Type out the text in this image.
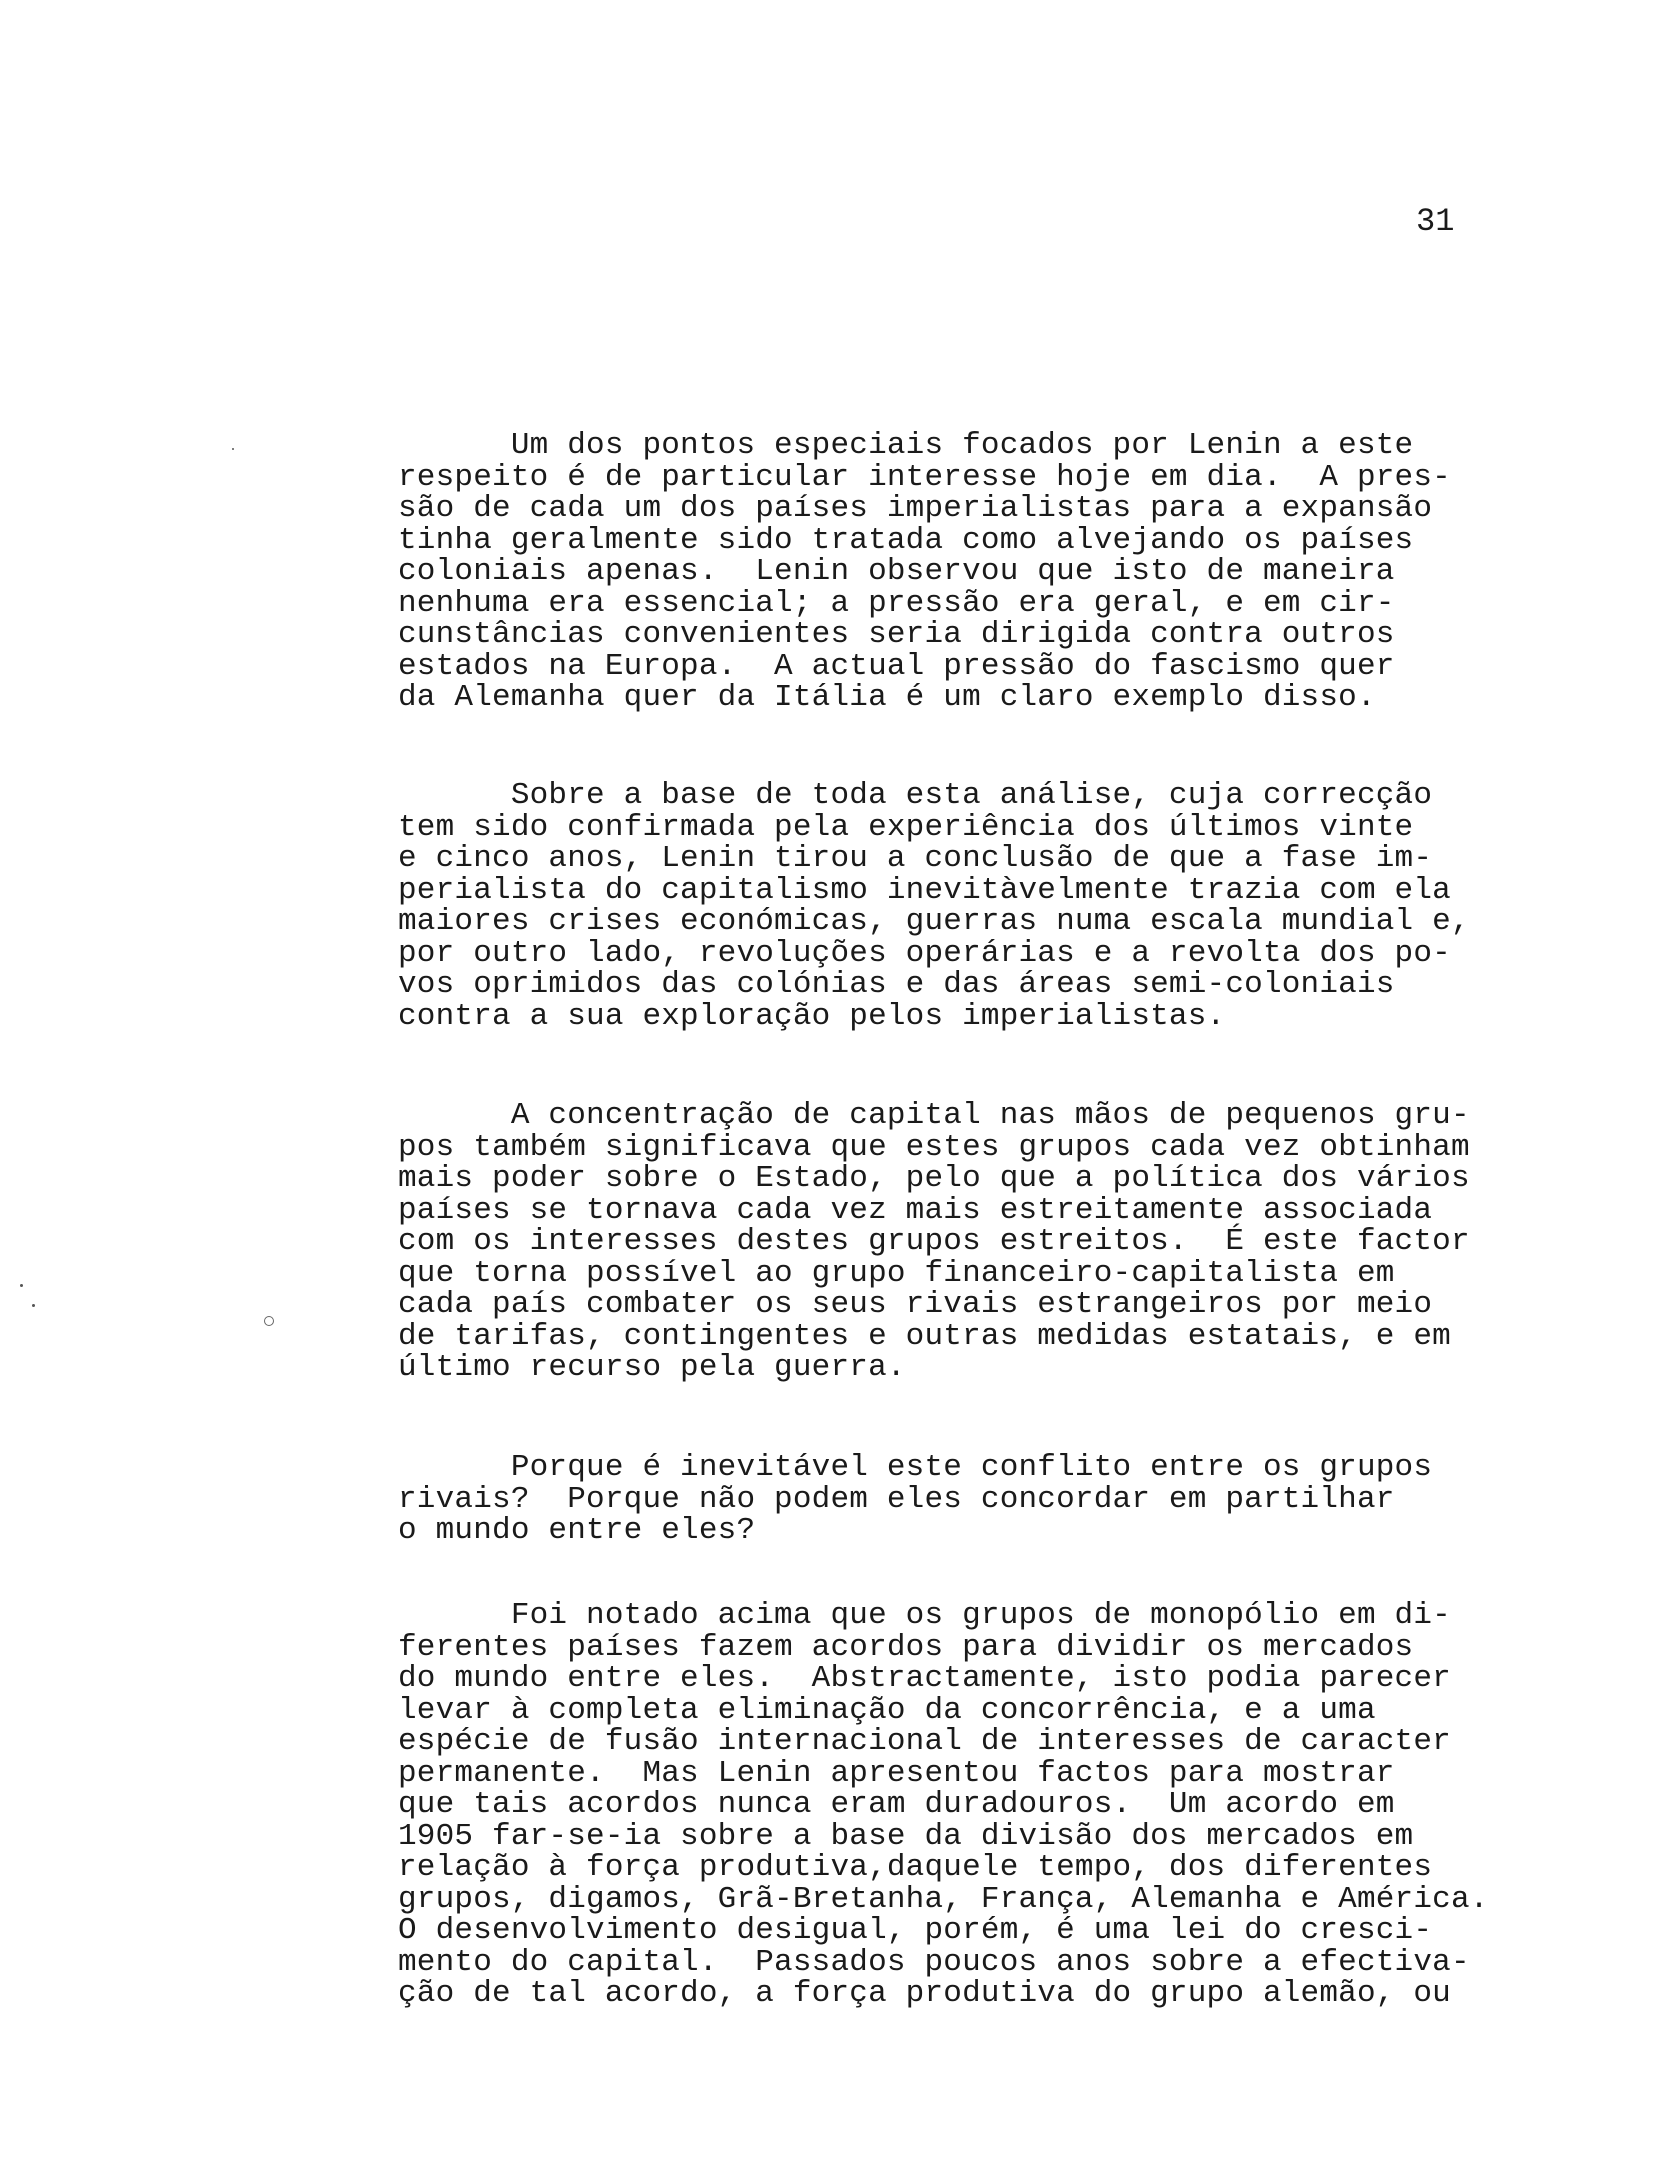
31
Um dos pontos especiais focados por Lenin a este
respeito é de particular interesse hoje em dia.  A pres-
são de cada um dos países imperialistas para a expansão
tinha geralmente sido tratada como alvejando os países
coloniais apenas.  Lenin observou que isto de maneira
nenhuma era essencial; a pressão era geral, e em cir-
cunstâncias convenientes seria dirigida contra outros
estados na Europa.  A actual pressão do fascismo quer
da Alemanha quer da Itália é um claro exemplo disso.
Sobre a base de toda esta análise, cuja correcção
tem sido confirmada pela experiência dos últimos vinte
e cinco anos, Lenin tirou a conclusão de que a fase im-
perialista do capitalismo inevitàvelmente trazia com ela
maiores crises económicas, guerras numa escala mundial e,
por outro lado, revoluções operárias e a revolta dos po-
vos oprimidos das colónias e das áreas semi-coloniais
contra a sua exploração pelos imperialistas.
A concentração de capital nas mãos de pequenos gru-
pos também significava que estes grupos cada vez obtinham
mais poder sobre o Estado, pelo que a política dos vários
países se tornava cada vez mais estreitamente associada
com os interesses destes grupos estreitos.  É este factor
que torna possível ao grupo financeiro-capitalista em
cada país combater os seus rivais estrangeiros por meio
de tarifas, contingentes e outras medidas estatais, e em
último recurso pela guerra.
Porque é inevitável este conflito entre os grupos
rivais?  Porque não podem eles concordar em partilhar
o mundo entre eles?
Foi notado acima que os grupos de monopólio em di-
ferentes países fazem acordos para dividir os mercados
do mundo entre eles.  Abstractamente, isto podia parecer
levar à completa eliminação da concorrência, e a uma
espécie de fusão internacional de interesses de caracter
permanente.  Mas Lenin apresentou factos para mostrar
que tais acordos nunca eram duradouros.  Um acordo em
1905 far-se-ia sobre a base da divisão dos mercados em
relação à força produtiva,daquele tempo, dos diferentes
grupos, digamos, Grã-Bretanha, França, Alemanha e América.
O desenvolvimento desigual, porém, é uma lei do cresci-
mento do capital.  Passados poucos anos sobre a efectiva-
ção de tal acordo, a força produtiva do grupo alemão, ou
